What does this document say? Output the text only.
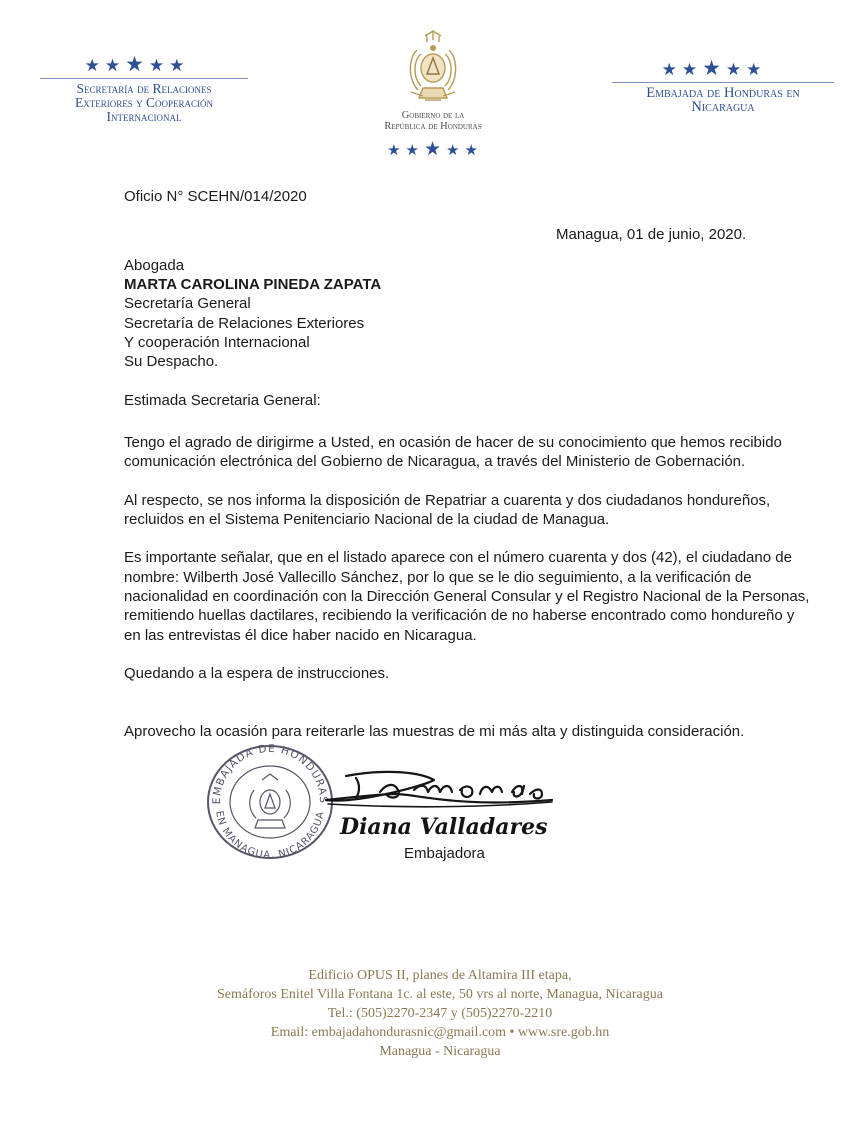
★★★★★
Secretaría de Relaciones
Exteriores y Cooperación
Internacional	Gobierno de la
República de Honduras
★★★★★
★★★★★
Embajada de Honduras en
Nicaragua
Oficio N° SCEHN/014/2020
Managua, 01 de junio, 2020.
Abogada
MARTA CAROLINA PINEDA ZAPATA
Secretaría General
Secretaría de Relaciones Exteriores
Y cooperación Internacional
Su Despacho.
Estimada Secretaria General:
Tengo el agrado de dirigirme a Usted, en ocasión de hacer de su conocimiento que hemos recibido
comunicación electrónica del Gobierno de Nicaragua, a través del Ministerio de Gobernación.
Al respecto, se nos informa la disposición de Repatriar a cuarenta y dos ciudadanos hondureños,
recluidos en el Sistema Penitenciario Nacional de la ciudad de Managua.
Es importante señalar, que en el listado aparece con el número cuarenta y dos (42), el ciudadano de
nombre: Wilberth José Vallecillo Sánchez, por lo que se le dio seguimiento, a la verificación de
nacionalidad en coordinación con la Dirección General Consular y el Registro Nacional de la Personas,
remitiendo huellas dactilares, recibiendo la verificación de no haberse encontrado como hondureño y
en las entrevistas él dice haber nacido en Nicaragua.
Quedando a la espera de instrucciones.
Aprovecho la ocasión para reiterarle las muestras de mi más alta y distinguida consideración.
EMBAJADA DE HONDURAS
EN MANAGUA, NICARAGUA Diana Valladares
Embajadora
Edificio OPUS II, planes de Altamira III etapa,
Semáforos Enitel Villa Fontana 1c. al este, 50 vrs al norte, Managua, Nicaragua
Tel.: (505)2270-2347 y (505)2270-2210
Email: embajadahondurasnic@gmail.com • www.sre.gob.hn
Managua - Nicaragua
